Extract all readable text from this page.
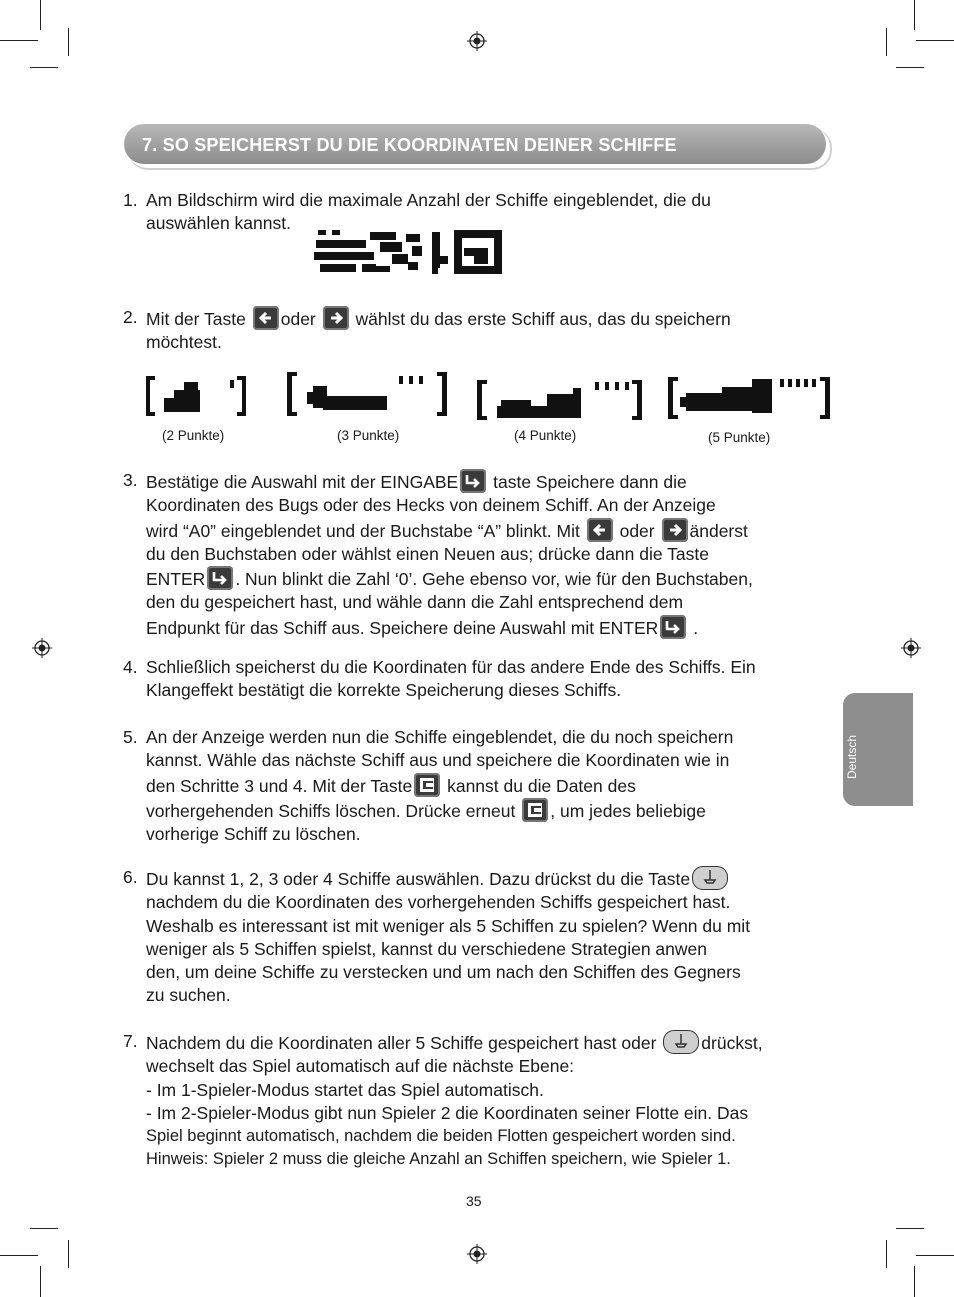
7. SO SPEICHERST DU DIE KOORDINATEN DEINER SCHIFFE
Deutsch
1. Am Bildschirm wird die maximale Anzahl der Schiffe eingeblendet, die du
auswählen kannst.
2. Mit der Taste oder wählst du das erste Schiff aus, das du speichern
möchtest.
(2 Punkte)	(3 Punkte)	(4 Punkte)	(5 Punkte)
3. Bestätige die Auswahl mit der EINGABE taste Speichere dann die
Koordinaten des Bugs oder des Hecks von deinem Schiff. An der Anzeige
wird “A0” eingeblendet und der Buchstabe “A” blinkt. Mit oder änderst
du den Buchstaben oder wählst einen Neuen aus; drücke dann die Taste
ENTER . Nun blinkt die Zahl ‘0’. Gehe ebenso vor, wie für den Buchstaben,
den du gespeichert hast, und wähle dann die Zahl entsprechend dem
Endpunkt für das Schiff aus. Speichere deine Auswahl mit ENTER .
4. Schließlich speicherst du die Koordinaten für das andere Ende des Schiffs. Ein
Klangeffekt bestätigt die korrekte Speicherung dieses Schiffs.
5. An der Anzeige werden nun die Schiffe eingeblendet, die du noch speichern
kannst. Wähle das nächste Schiff aus und speichere die Koordinaten wie in
den Schritte 3 und 4. Mit der Taste kannst du die Daten des
vorhergehenden Schiffs löschen. Drücke erneut , um jedes beliebige
vorherige Schiff zu löschen.
6. Du kannst 1, 2, 3 oder 4 Schiffe auswählen. Dazu drückst du die Taste
nachdem du die Koordinaten des vorhergehenden Schiffs gespeichert hast.
Weshalb es interessant ist mit weniger als 5 Schiffen zu spielen? Wenn du mit
weniger als 5 Schiffen spielst, kannst du verschiedene Strategien anwen
den, um deine Schiffe zu verstecken und um nach den Schiffen des Gegners
zu suchen.
7. Nachdem du die Koordinaten aller 5 Schiffe gespeichert hast oder	drückst,
wechselt das Spiel automatisch auf die nächste Ebene:
- Im 1-Spieler-Modus startet das Spiel automatisch.
- Im 2-Spieler-Modus gibt nun Spieler 2 die Koordinaten seiner Flotte ein. Das
Spiel beginnt automatisch, nachdem die beiden Flotten gespeichert worden sind.
Hinweis: Spieler 2 muss die gleiche Anzahl an Schiffen speichern, wie Spieler 1.
35
